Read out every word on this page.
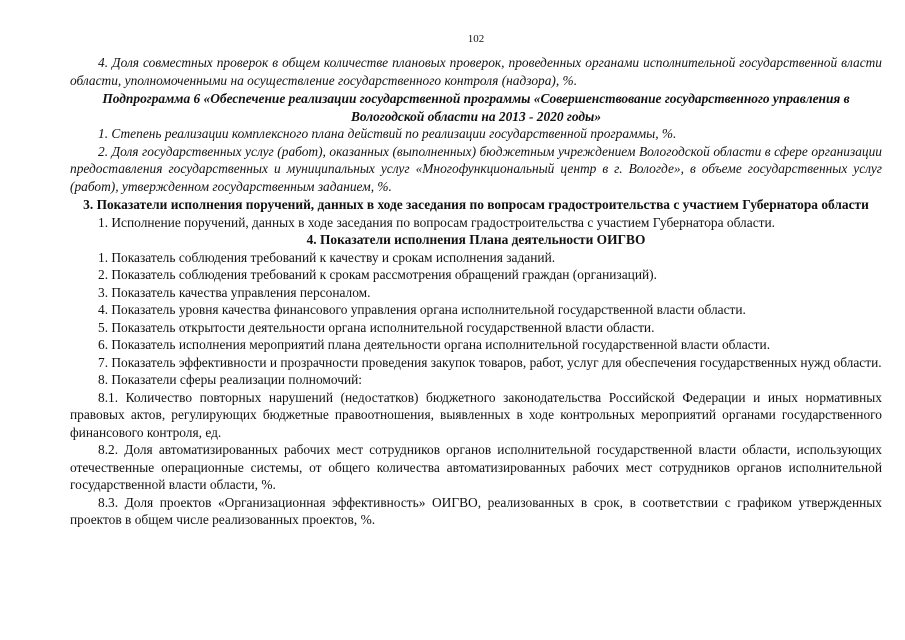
102

4. Доля совместных проверок в общем количестве плановых проверок, проведенных органами исполнительной государственной власти области, уполномоченными на осуществление государственного контроля (надзора), %.

Подпрограмма 6 «Обеспечение реализации государственной программы «Совершенствование государственного управления в Вологодской области на 2013 - 2020 годы»

1. Степень реализации комплексного плана действий по реализации государственной программы, %.

2. Доля государственных услуг (работ), оказанных (выполненных) бюджетным учреждением Вологодской области в сфере организации предоставления государственных и муниципальных услуг «Многофункциональный центр в г. Вологде», в объеме государственных услуг (работ), утвержденном государственным заданием, %.

3. Показатели исполнения поручений, данных в ходе заседания по вопросам градостроительства с участием Губернатора области

1. Исполнение поручений, данных в ходе заседания по вопросам градостроительства с участием Губернатора области.

4. Показатели исполнения Плана деятельности ОИГВО

1. Показатель соблюдения требований к качеству и срокам исполнения заданий.

2. Показатель соблюдения требований к срокам рассмотрения обращений граждан (организаций).

3. Показатель качества управления персоналом.

4. Показатель уровня качества финансового управления органа исполнительной государственной власти области.

5. Показатель открытости деятельности органа исполнительной государственной власти области.

6. Показатель исполнения мероприятий плана деятельности органа исполнительной государственной власти области.

7. Показатель эффективности и прозрачности проведения закупок товаров, работ, услуг для обеспечения государственных нужд области.

8. Показатели сферы реализации полномочий:

8.1. Количество повторных нарушений (недостатков) бюджетного законодательства Российской Федерации и иных нормативных правовых актов, регулирующих бюджетные правоотношения, выявленных в ходе контрольных мероприятий органами государственного финансового контроля, ед.

8.2. Доля автоматизированных рабочих мест сотрудников органов исполнительной государственной власти области, использующих отечественные операционные системы, от общего количества автоматизированных рабочих мест сотрудников органов исполнительной государственной власти области, %.

8.3. Доля проектов «Организационная эффективность» ОИГВО, реализованных в срок, в соответствии с графиком утвержденных проектов в общем числе реализованных проектов, %.
